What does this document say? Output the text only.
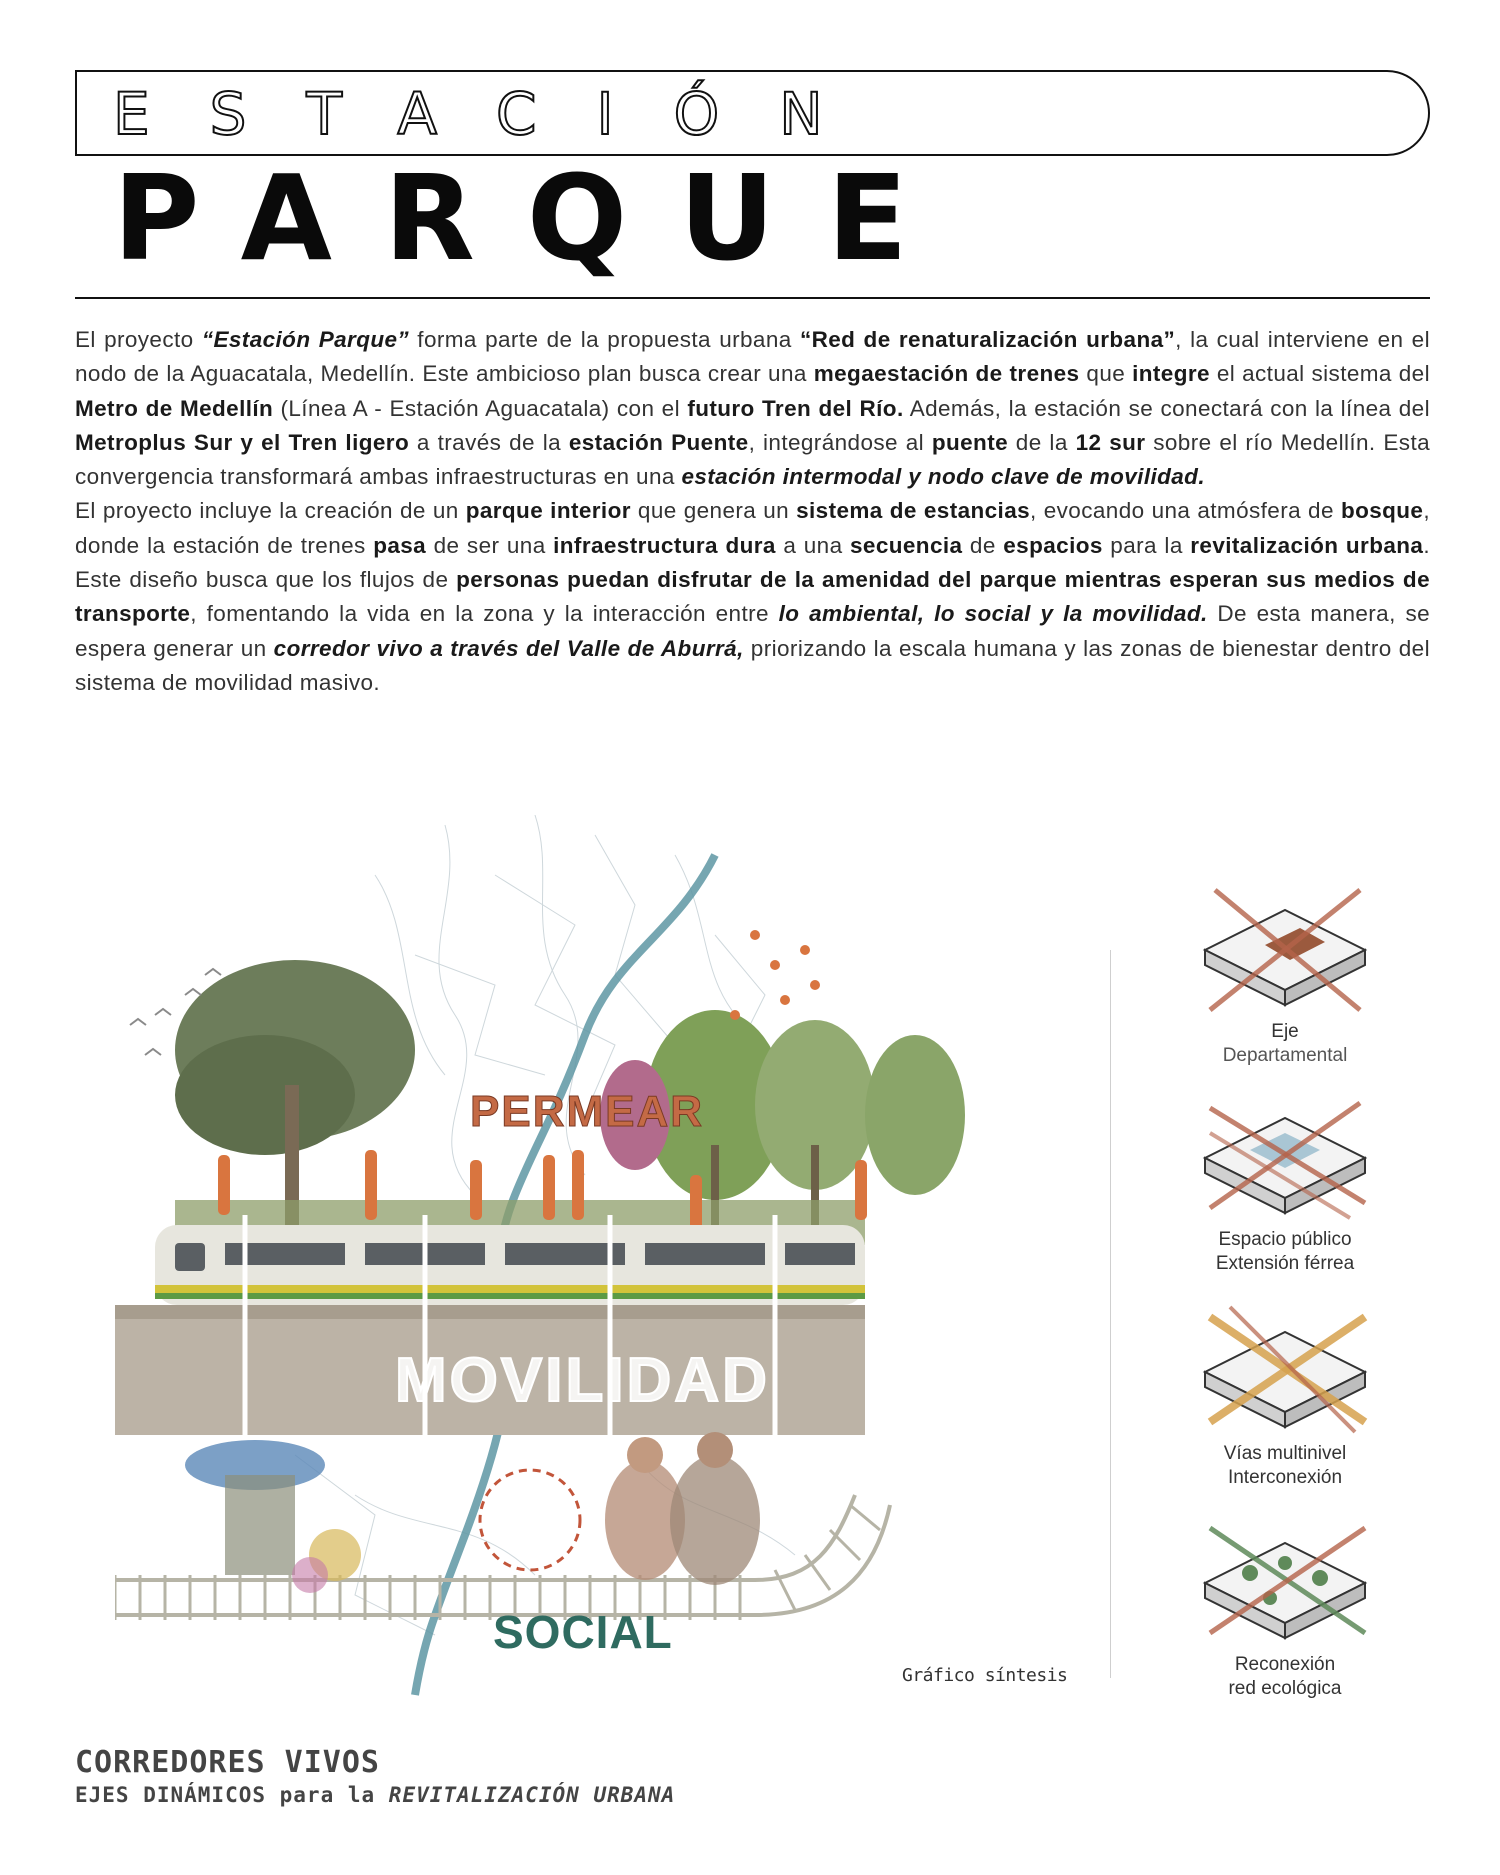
ESTACIÓN
PARQUE

El proyecto “Estación Parque” forma parte de la propuesta urbana “Red de renaturalización urbana”, la cual interviene en el nodo de la Aguacatala, Medellín. Este ambicioso plan busca crear una megaestación de trenes que integre el actual sistema del Metro de Medellín (Línea A - Estación Aguacatala) con el futuro Tren del Río. Además, la estación se conectará con la línea del Metroplus Sur y el Tren ligero a través de la estación Puente, integrándose al puente de la 12 sur sobre el río Medellín. Esta convergencia transformará ambas infraestructuras en una estación intermodal y nodo clave de movilidad.

El proyecto incluye la creación de un parque interior que genera un sistema de estancias, evocando una atmósfera de bosque, donde la estación de trenes pasa de ser una infraestructura dura a una secuencia de espacios para la revitalización urbana. Este diseño busca que los flujos de personas puedan disfrutar de la amenidad del parque mientras esperan sus medios de transporte, fomentando la vida en la zona y la interacción entre lo ambiental, lo social y la movilidad. De esta manera, se espera generar un corredor vivo a través del Valle de Aburrá, priorizando la escala humana y las zonas de bienestar dentro del sistema de movilidad masivo.

PERMEAR
MOVILIDAD
SOCIAL
Gráfico síntesis
Eje
Departamental
Espacio público
Extensión férrea
Vías multinivel
Interconexión
Reconexión
red ecológica
CORREDORES VIVOS
EJES DINÁMICOS para la REVITALIZACIÓN URBANA
